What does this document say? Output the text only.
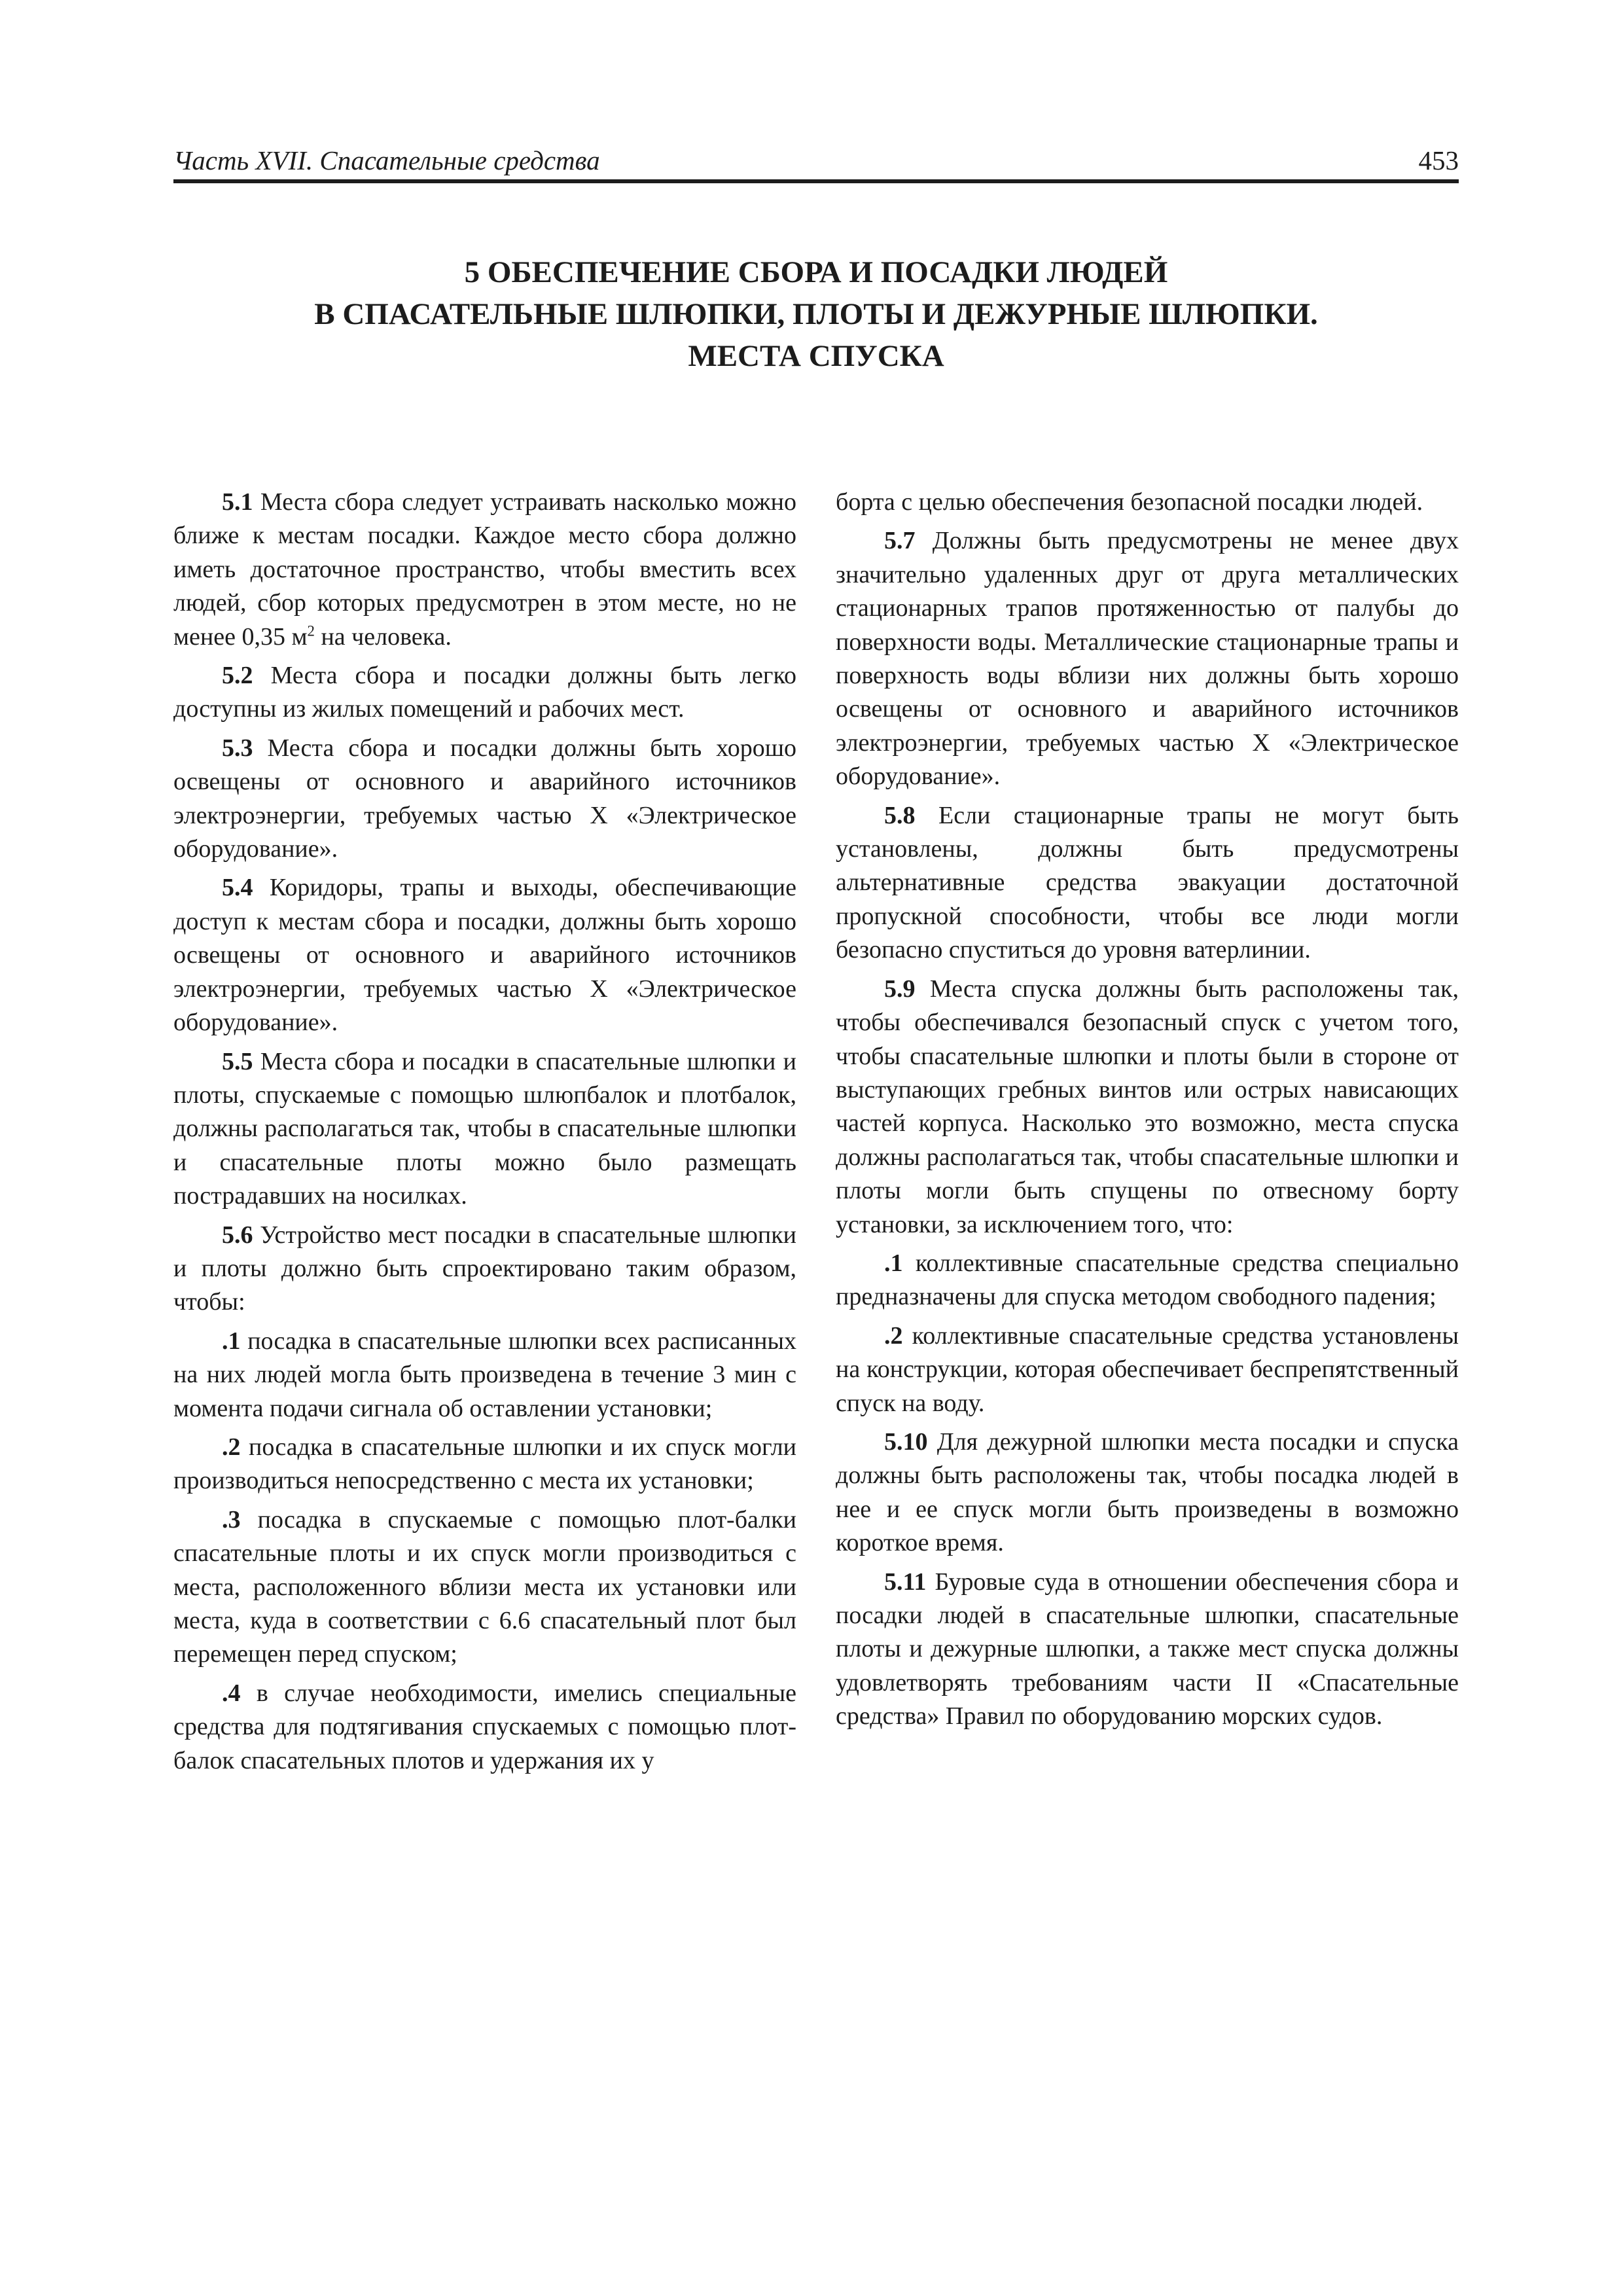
Часть XVII. Спасательные средства	453
5 ОБЕСПЕЧЕНИЕ СБОРА И ПОСАДКИ ЛЮДЕЙ
В СПАСАТЕЛЬНЫЕ ШЛЮПКИ, ПЛОТЫ И ДЕЖУРНЫЕ ШЛЮПКИ.
МЕСТА СПУСКА

5.1 Места сбора следует устраивать насколько можно ближе к местам посадки. Каждое место сбора должно иметь достаточное пространство, чтобы вместить всех людей, сбор которых предусмотрен в этом месте, но не менее 0,35 $м^2$ на человека.

5.2 Места сбора и посадки должны быть легко доступны из жилых помещений и рабочих мест.

5.3 Места сбора и посадки должны быть хорошо освещены от основного и аварийного источников электроэнергии, требуемых частью X «Электрическое оборудование».

5.4 Коридоры, трапы и выходы, обеспечивающие доступ к местам сбора и посадки, должны быть хорошо освещены от основного и аварийного источников электроэнергии, требуемых частью X «Электрическое оборудование».

5.5 Места сбора и посадки в спасательные шлюпки и плоты, спускаемые с помощью шлюпбалок и плотбалок, должны располагаться так, чтобы в спасательные шлюпки и спасательные плоты можно было размещать пострадавших на носилках.

5.6 Устройство мест посадки в спасательные шлюпки и плоты должно быть спроектировано таким образом, чтобы:

.1 посадка в спасательные шлюпки всех расписанных на них людей могла быть произведена в течение 3 мин с момента подачи сигнала об оставлении установки;

.2 посадка в спасательные шлюпки и их спуск могли производиться непосредственно с места их установки;

.3 посадка в спускаемые с помощью плот-балки спасательные плоты и их спуск могли производиться с места, расположенного вблизи места их установки или места, куда в соответствии с 6.6 спасательный плот был перемещен перед спуском;

.4 в случае необходимости, имелись специальные средства для подтягивания спускаемых с помощью плот-балок спасательных плотов и удержания их у

борта с целью обеспечения безопасной посадки людей.

5.7 Должны быть предусмотрены не менее двух значительно удаленных друг от друга металлических стационарных трапов протяженностью от палубы до поверхности воды. Металлические стационарные трапы и поверхность воды вблизи них должны быть хорошо освещены от основного и аварийного источников электроэнергии, требуемых частью X «Электрическое оборудование».

5.8 Если стационарные трапы не могут быть установлены, должны быть предусмотрены альтернативные средства эвакуации достаточной пропускной способности, чтобы все люди могли безопасно спуститься до уровня ватерлинии.

5.9 Места спуска должны быть расположены так, чтобы обеспечивался безопасный спуск с учетом того, чтобы спасательные шлюпки и плоты были в стороне от выступающих гребных винтов или острых нависающих частей корпуса. Насколько это возможно, места спуска должны располагаться так, чтобы спасательные шлюпки и плоты могли быть спущены по отвесному борту установки, за исключением того, что:

.1 коллективные спасательные средства специально предназначены для спуска методом свободного падения;

.2 коллективные спасательные средства установлены на конструкции, которая обеспечивает беспрепятственный спуск на воду.

5.10 Для дежурной шлюпки места посадки и спуска должны быть расположены так, чтобы посадка людей в нее и ее спуск могли быть произведены в возможно короткое время.

5.11 Буровые суда в отношении обеспечения сбора и посадки людей в спасательные шлюпки, спасательные плоты и дежурные шлюпки, а также мест спуска должны удовлетворять требованиям части II «Спасательные средства» Правил по оборудованию морских судов.
